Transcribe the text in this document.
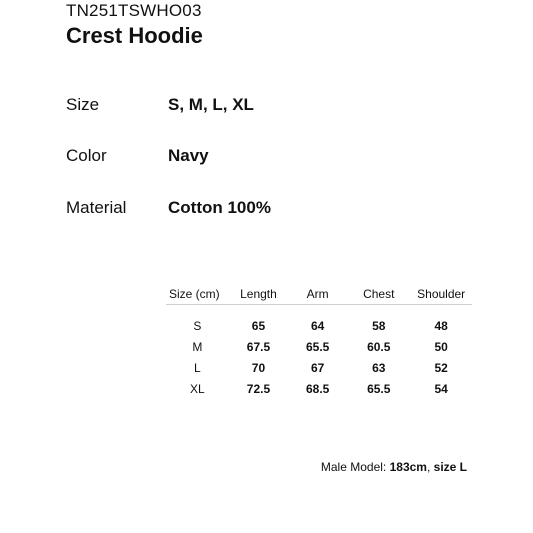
TN251TSWHO03
Crest Hoodie
Size	S, M, L, XL
Color	Navy
Material Cotton 100%
Size (cm)	Length	Arm	Chest	Shoulder

S	65	64	58	48
M	67.5	65.5	60.5	50
L	70	67	63	52
XL	72.5	68.5	65.5	54
Male Model: 183cm, size L
